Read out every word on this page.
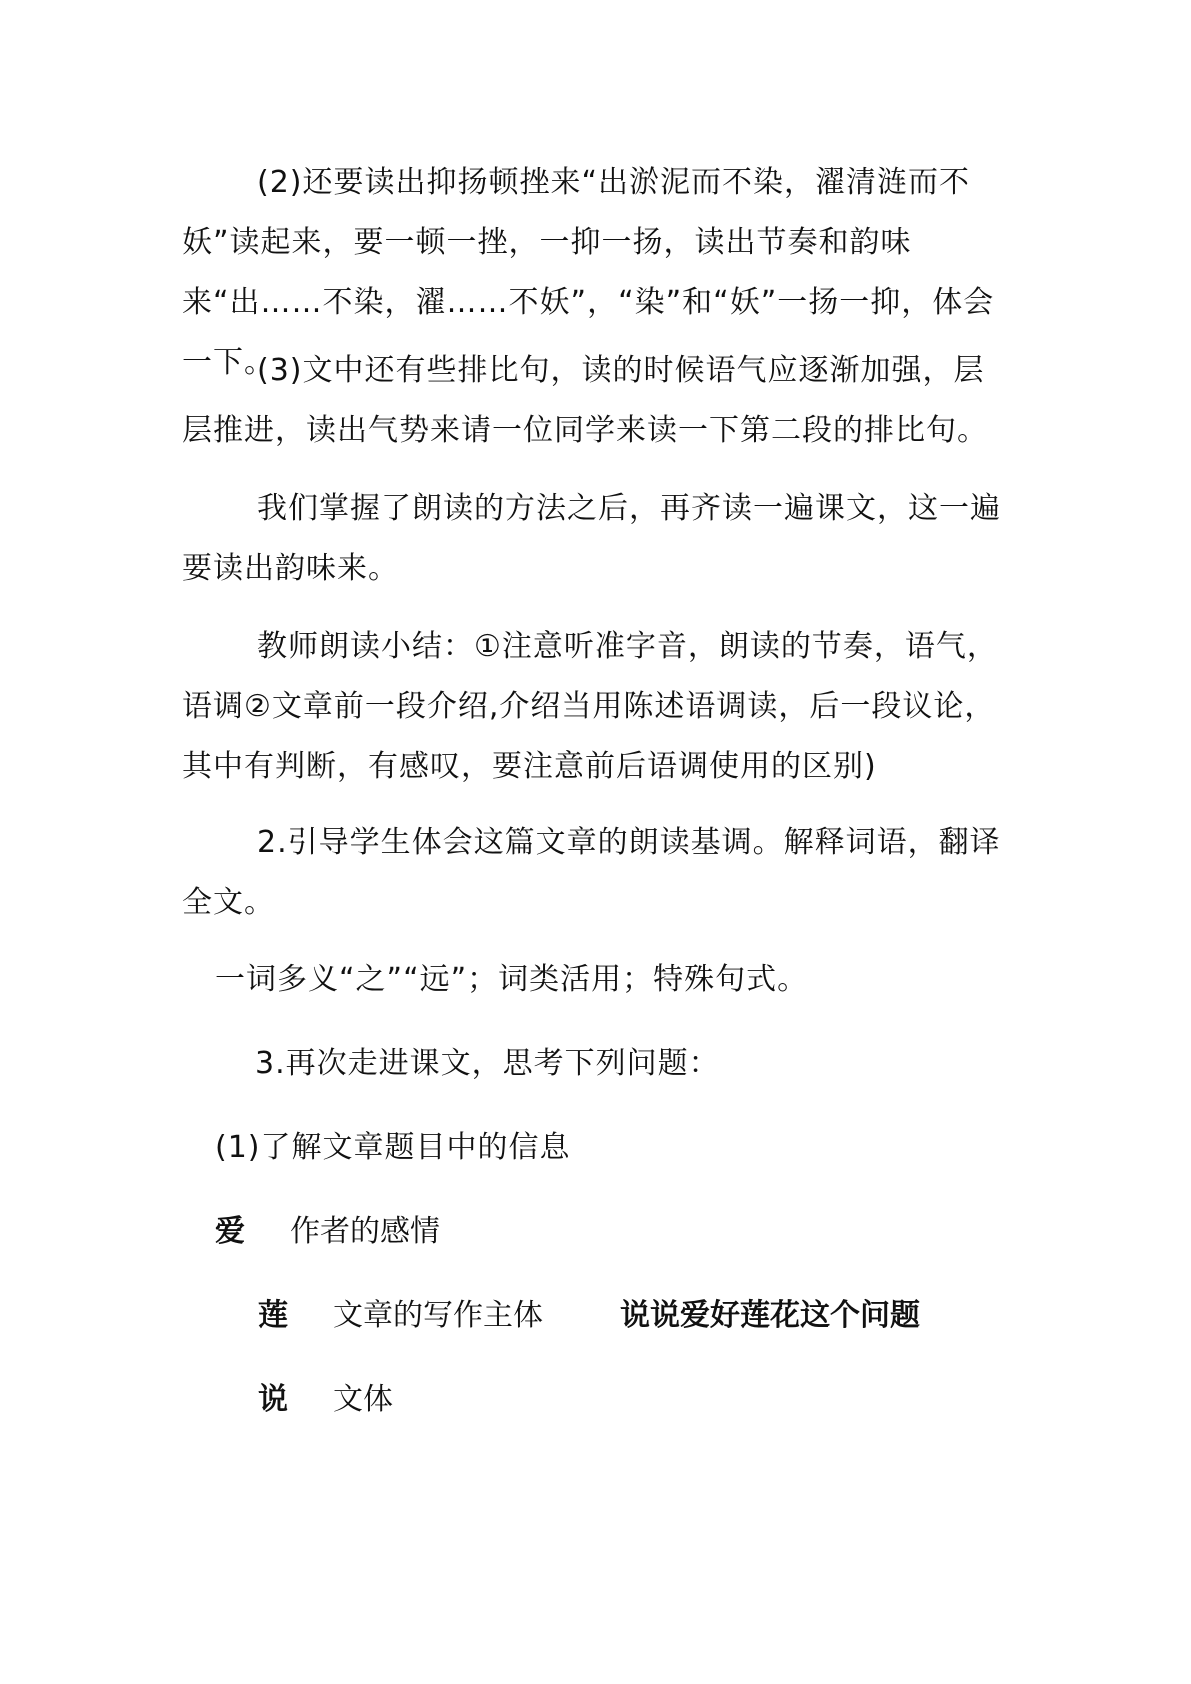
(2)还要读出抑扬顿挫来“出淤泥而不染，濯清涟而不妖”读起来，要一顿一挫，一抑一扬，读出节奏和韵味来“出……不染，濯……不妖”，“染”和“妖”一扬一抑，体会一下。

(3)文中还有些排比句，读的时候语气应逐渐加强，层层推进，读出气势来请一位同学来读一下第二段的排比句。

我们掌握了朗读的方法之后，再齐读一遍课文，这一遍要读出韵味来。

教师朗读小结：①注意听准字音，朗读的节奏，语气，语调②文章前一段介绍,介绍当用陈述语调读，后一段议论，其中有判断，有感叹，要注意前后语调使用的区别)

2.引导学生体会这篇文章的朗读基调。解释词语，翻译全文。

一词多义“之”“远”；词类活用；特殊句式。

3.再次走进课文，思考下列问题：

(1)了解文章题目中的信息

爱 作者的感情
莲 文章的写作主体	说说爱好莲花这个问题
说 文体
